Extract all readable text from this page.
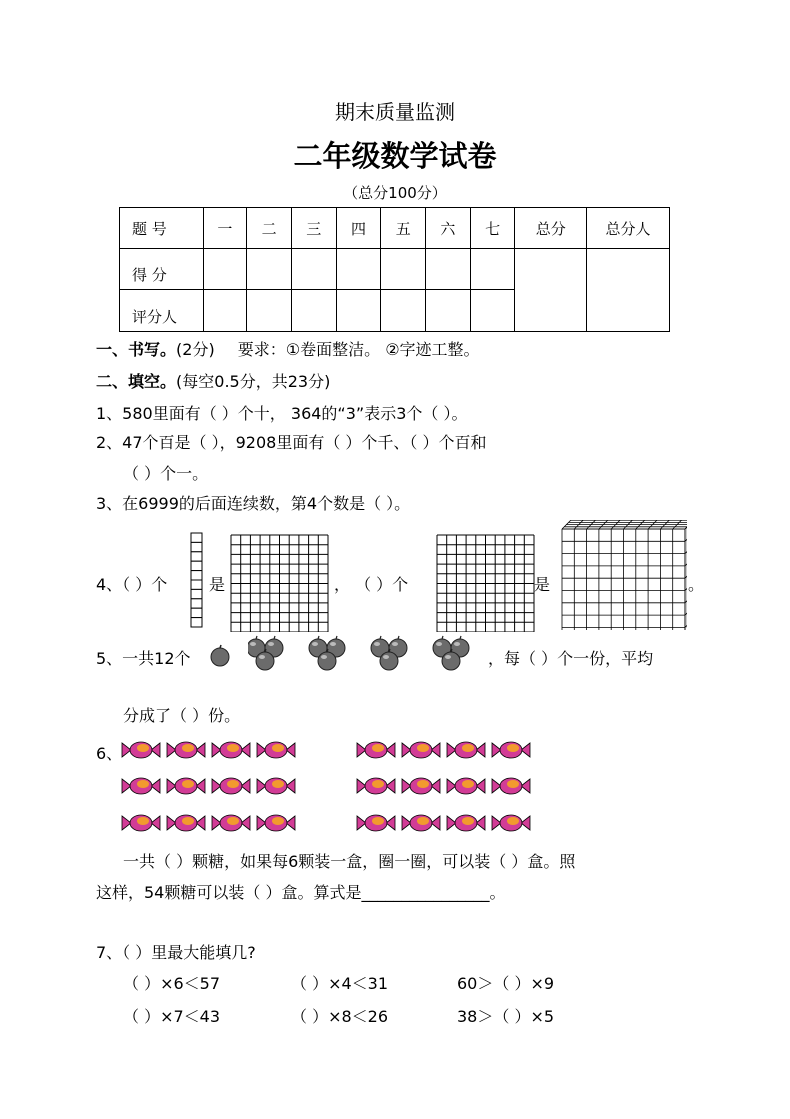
期末质量监测
二年级数学试卷
（总分100分）
题 号	一	二	三	四	五	六	七	总分	总分人
得 分									
评分人									
一、书写。(2分) 要求：①卷面整洁。 ②字迹工整。
二、填空。(每空0.5分，共23分)
1、580里面有（ ）个十， 364的“3”表示3个（ ）。
2、47个百是（ ），9208里面有（ ）个千、（ ）个百和
（ ）个一。
3、在6999的后面连续数，第4个数是（ ）。
4、（ ）个	是	， （ ）个	是	。
5、一共12个	，每（ ）个一份，平均
分成了（ ）份。
6、
一共（ ）颗糖，如果每6颗装一盒，圈一圈，可以装（ ）盒。照
这样，54颗糖可以装（ ）盒。算式是________________。
7、（ ）里最大能填几?
（ ）×6＜57	（ ）×4＜31	60＞（ ）×9
（ ）×7＜43	（ ）×8＜26	38＞（ ）×5
